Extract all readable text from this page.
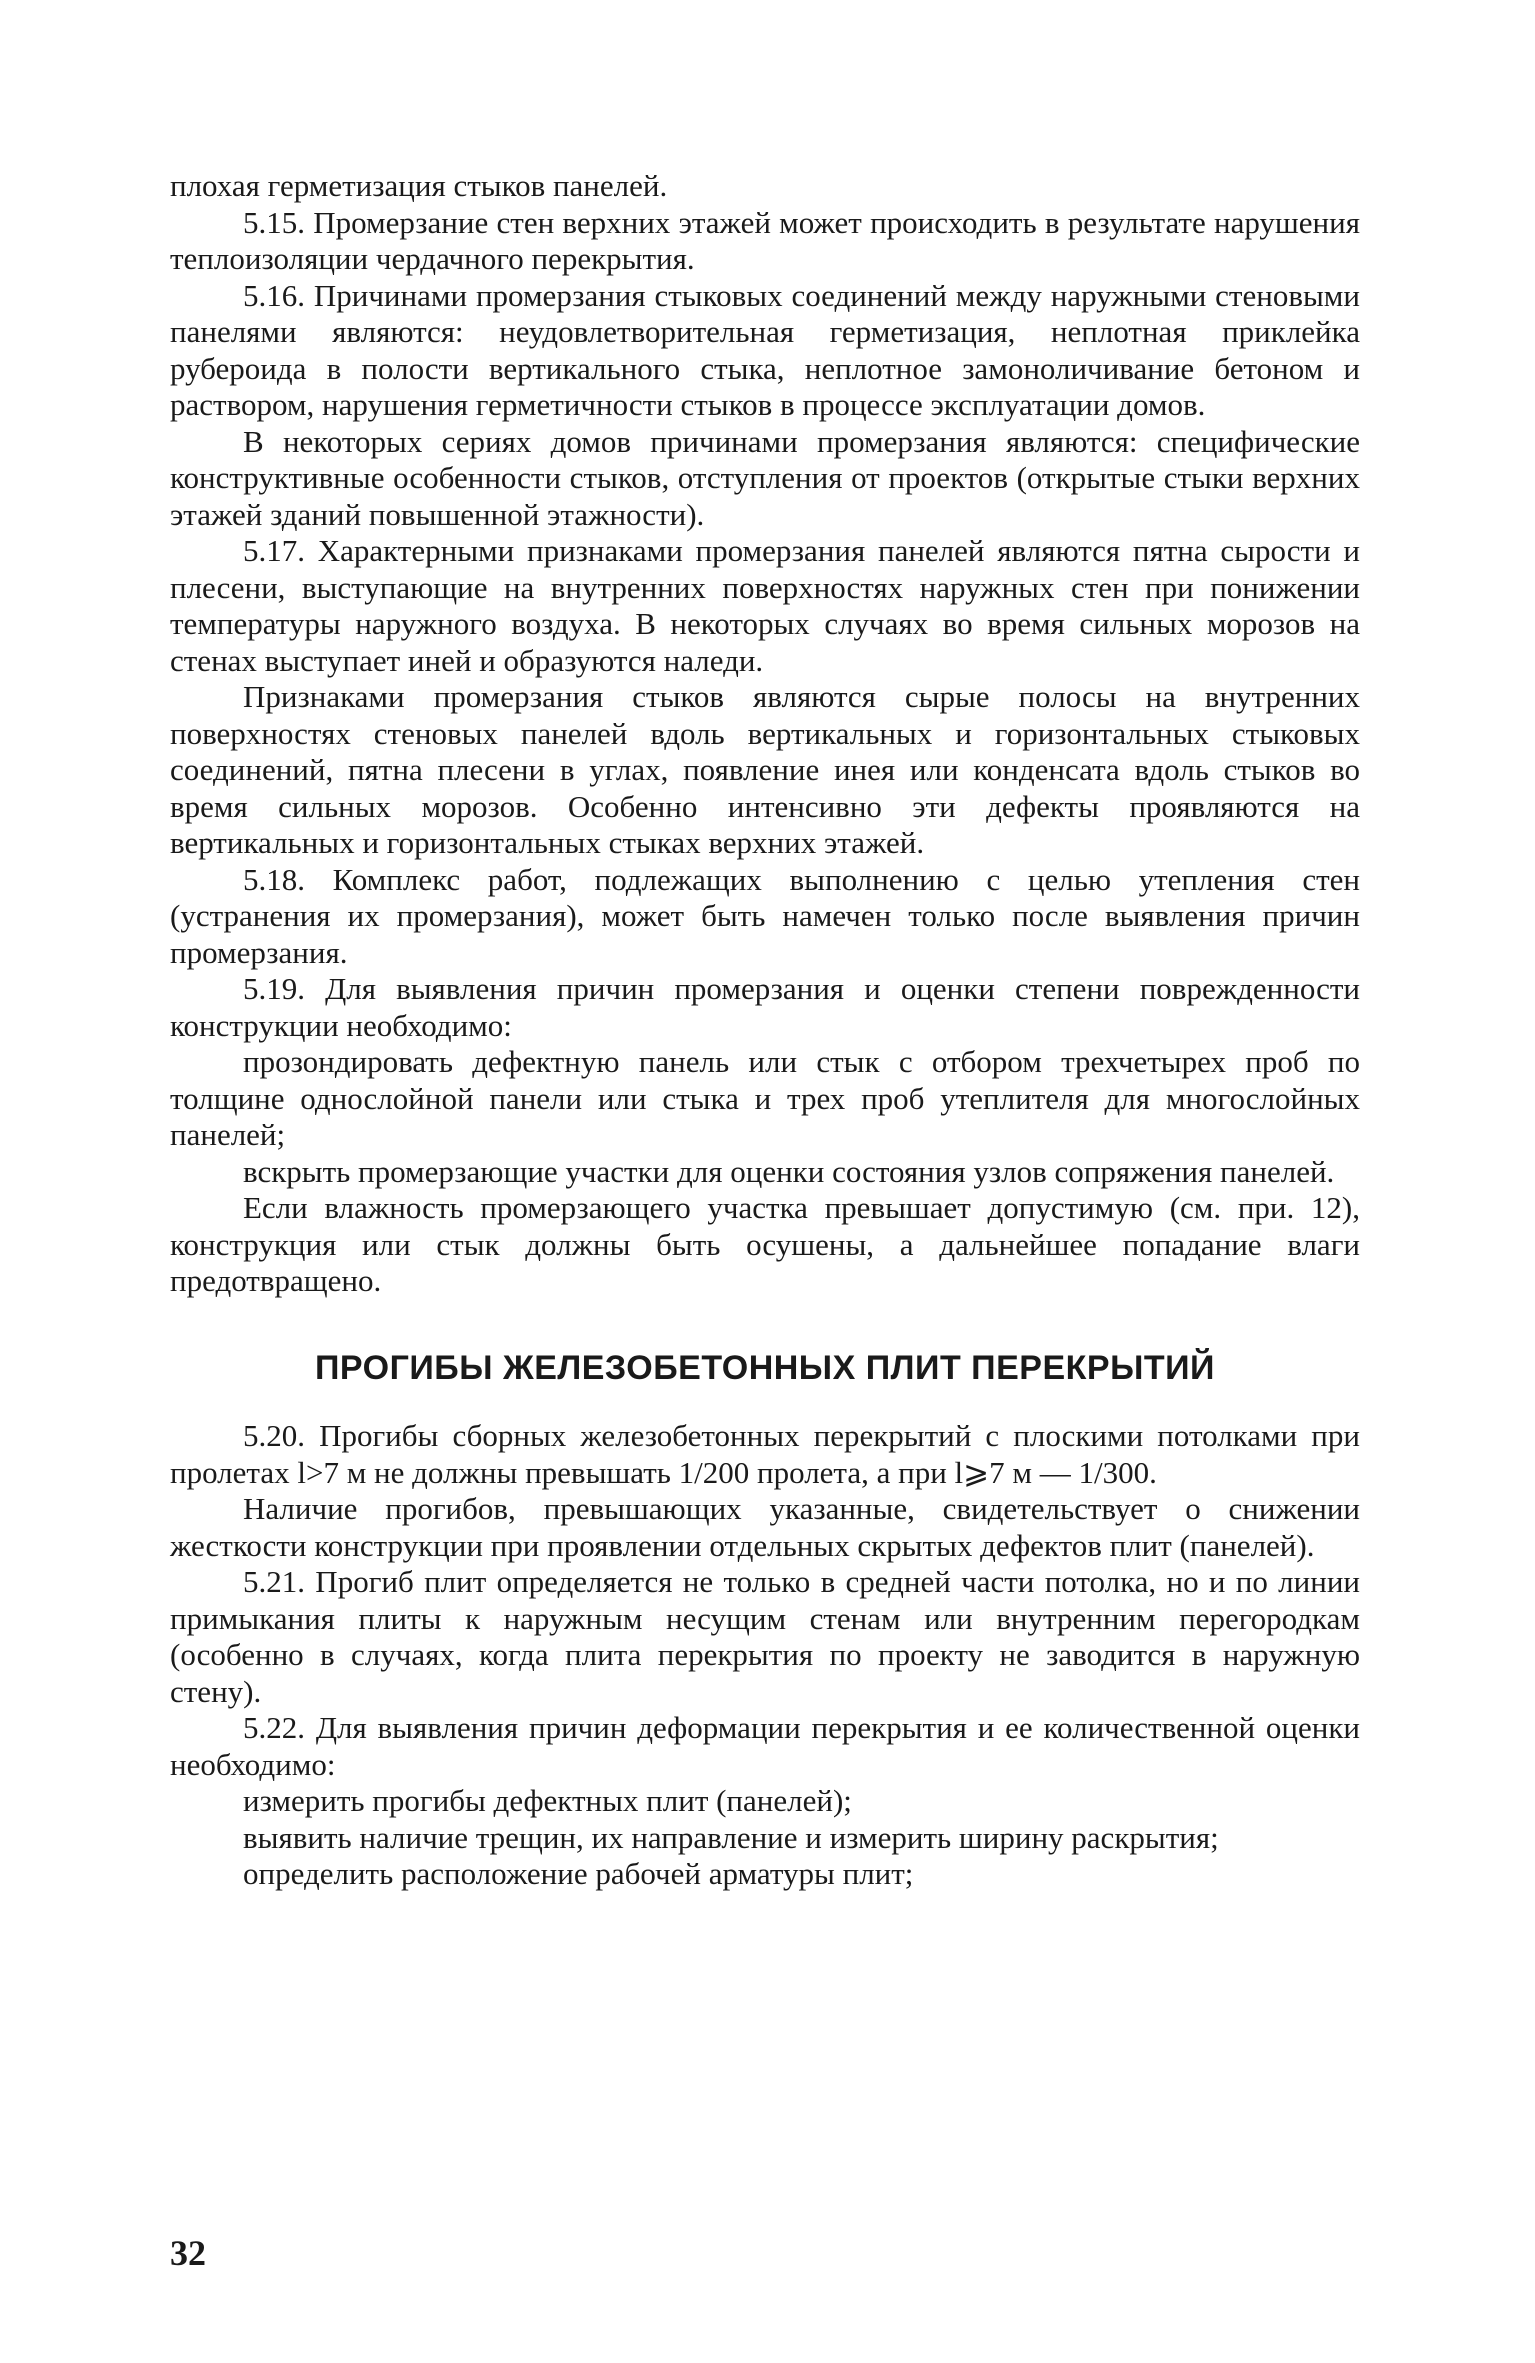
плохая герметизация стыков панелей.

5.15. Промерзание стен верхних этажей может происходить в результате нарушения теплоизоляции чердачного перекрытия.

5.16. Причинами промерзания стыковых соединений между наружными стеновыми панелями являются: неудовлетворительная герметизация, неплотная приклейка рубероида в полости вертикального стыка, неплотное замоноличивание бетоном и раствором, нарушения герметичности стыков в процессе эксплуатации домов.

В некоторых сериях домов причинами промерзания являются: специфические конструктивные особенности стыков, отступления от проектов (открытые стыки верхних этажей зданий повышенной этажности).

5.17. Характерными признаками промерзания панелей являются пятна сырости и плесени, выступающие на внутренних поверхностях наружных стен при понижении температуры наружного воздуха. В некоторых случаях во время сильных морозов на стенах выступает иней и образуются наледи.

Признаками промерзания стыков являются сырые полосы на внутренних поверхностях стеновых панелей вдоль вертикальных и горизонтальных стыковых соединений, пятна плесени в углах, появление инея или конденсата вдоль стыков во время сильных морозов. Особенно интенсивно эти дефекты проявляются на вертикальных и горизонтальных стыках верхних этажей.

5.18. Комплекс работ, подлежащих выполнению с целью утепления стен (устранения их промерзания), может быть намечен только после выявления причин промерзания.

5.19. Для выявления причин промерзания и оценки степени поврежденности конструкции необходимо:

прозондировать дефектную панель или стык с отбором трехчетырех проб по толщине однослойной панели или стыка и трех проб утеплителя для многослойных панелей;

вскрыть промерзающие участки для оценки состояния узлов сопряжения панелей.

Если влажность промерзающего участка превышает допустимую (см. при. 12), конструкция или стык должны быть осушены, а дальнейшее попадание влаги предотвращено.

ПРОГИБЫ ЖЕЛЕЗОБЕТОННЫХ ПЛИТ ПЕРЕКРЫТИЙ

5.20. Прогибы сборных железобетонных перекрытий с плоскими потолками при пролетах l>7 м не должны превышать 1/200 пролета, а при l⩾7 м — 1/300.

Наличие прогибов, превышающих указанные, свидетельствует о снижении жесткости конструкции при проявлении отдельных скрытых дефектов плит (панелей).

5.21. Прогиб плит определяется не только в средней части потолка, но и по линии примыкания плиты к наружным несущим стенам или внутренним перегородкам (особенно в случаях, когда плита перекрытия по проекту не заводится в наружную стену).

5.22. Для выявления причин деформации перекрытия и ее количественной оценки необходимо:

измерить прогибы дефектных плит (панелей);

выявить наличие трещин, их направление и измерить ширину раскрытия;

определить расположение рабочей арматуры плит;

32
